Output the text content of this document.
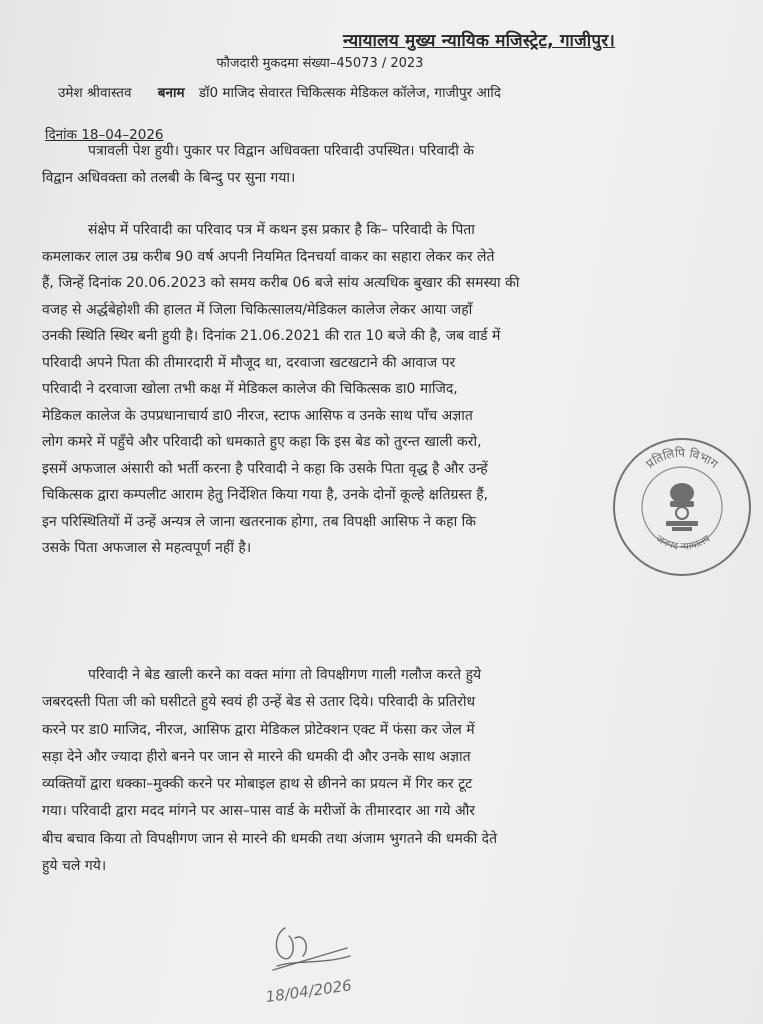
न्यायालय मुख्य न्यायिक मजिस्ट्रेट, गाजीपुर।
फौजदारी मुकदमा संख्या–45073 / 2023
उमेश श्रीवास्तव बनाम डॉ0 माजिद सेवारत चिकित्सक मेडिकल कॉलेज, गाजीपुर आदि
दिनांक 18–04–2026
पत्रावली पेश हुयी। पुकार पर विद्वान अधिवक्ता परिवादी उपस्थित। परिवादी के
विद्वान अधिवक्ता को तलबी के बिन्दु पर सुना गया।
संक्षेप में परिवादी का परिवाद पत्र में कथन इस प्रकार है कि– परिवादी के पिता
कमलाकर लाल उम्र करीब 90 वर्ष अपनी नियमित दिनचर्या वाकर का सहारा लेकर कर लेते
हैं, जिन्हें दिनांक 20.06.2023 को समय करीब 06 बजे सांय अत्यधिक बुखार की समस्या की
वजह से अर्द्धबेहोशी की हालत में जिला चिकित्सालय/मेडिकल कालेज लेकर आया जहाँ
उनकी स्थिति स्थिर बनी हुयी है। दिनांक 21.06.2021 की रात 10 बजे की है, जब वार्ड में
परिवादी अपने पिता की तीमारदारी में मौजूद था, दरवाजा खटखटाने की आवाज पर
परिवादी ने दरवाजा खोला तभी कक्ष में मेडिकल कालेज की चिकित्सक डा0 माजिद,
मेडिकल कालेज के उपप्रधानाचार्य डा0 नीरज, स्टाफ आसिफ व उनके साथ पाँच अज्ञात
लोग कमरे में पहुँचे और परिवादी को धमकाते हुए कहा कि इस बेड को तुरन्त खाली करो,
इसमें अफजाल अंसारी को भर्ती करना है परिवादी ने कहा कि उसके पिता वृद्ध है और उन्हें
चिकित्सक द्वारा कम्पलीट आराम हेतु निर्देशित किया गया है, उनके दोनों कूल्हे क्षतिग्रस्त हैं,
इन परिस्थितियों में उन्हें अन्यत्र ले जाना खतरनाक होगा, तब विपक्षी आसिफ ने कहा कि
उसके पिता अफजाल से महत्वपूर्ण नहीं है।
परिवादी ने बेड खाली करने का वक्त मांगा तो विपक्षीगण गाली गलौज करते हुये
जबरदस्ती पिता जी को घसीटते हुये स्वयं ही उन्हें बेड से उतार दिये। परिवादी के प्रतिरोध
करने पर डा0 माजिद, नीरज, आसिफ द्वारा मेडिकल प्रोटेक्शन एक्ट में फंसा कर जेल में
सड़ा देने और ज्यादा हीरो बनने पर जान से मारने की धमकी दी और उनके साथ अज्ञात
व्यक्तियों द्वारा धक्का–मुक्की करने पर मोबाइल हाथ से छीनने का प्रयत्न में गिर कर टूट
गया। परिवादी द्वारा मदद मांगने पर आस–पास वार्ड के मरीजों के तीमारदार आ गये और
बीच बचाव किया तो विपक्षीगण जान से मारने की धमकी तथा अंजाम भुगतने की धमकी देते
हुये चले गये।
प्रतिलिपि विभाग
जनपद न्यायालय
18/04/2026
